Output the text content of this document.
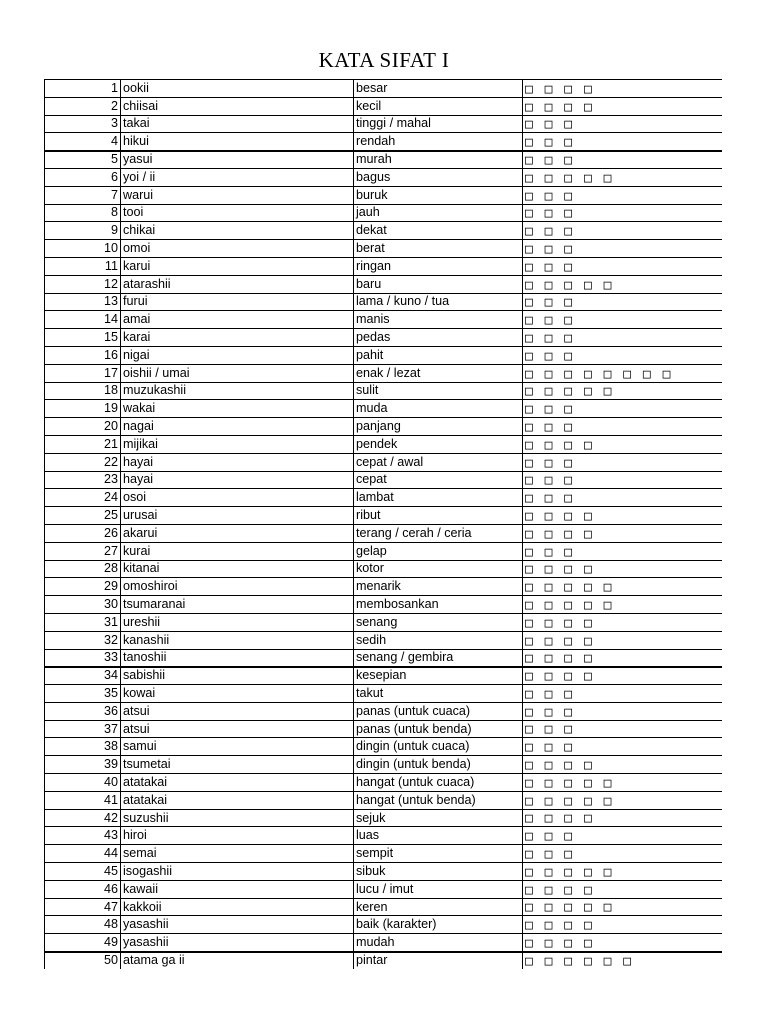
KATA SIFAT I
1	ookii	besar	□ □ □ □
2	chiisai	kecil	□ □ □ □
3	takai	tinggi / mahal	□ □ □
4	hikui	rendah	□ □ □
5	yasui	murah	□ □ □
6	yoi / ii	bagus	□ □ □ □ □
7	warui	buruk	□ □ □
8	tooi	jauh	□ □ □
9	chikai	dekat	□ □ □
10	omoi	berat	□ □ □
11	karui	ringan	□ □ □
12	atarashii	baru	□ □ □ □ □
13	furui	lama / kuno / tua	□ □ □
14	amai	manis	□ □ □
15	karai	pedas	□ □ □
16	nigai	pahit	□ □ □
17	oishii / umai	enak / lezat	□ □ □ □ □ □ □ □
18	muzukashii	sulit	□ □ □ □ □
19	wakai	muda	□ □ □
20	nagai	panjang	□ □ □
21	mijikai	pendek	□ □ □ □
22	hayai	cepat / awal	□ □ □
23	hayai	cepat	□ □ □
24	osoi	lambat	□ □ □
25	urusai	ribut	□ □ □ □
26	akarui	terang / cerah / ceria	□ □ □ □
27	kurai	gelap	□ □ □
28	kitanai	kotor	□ □ □ □
29	omoshiroi	menarik	□ □ □ □ □
30	tsumaranai	membosankan	□ □ □ □ □
31	ureshii	senang	□ □ □ □
32	kanashii	sedih	□ □ □ □
33	tanoshii	senang / gembira	□ □ □ □
34	sabishii	kesepian	□ □ □ □
35	kowai	takut	□ □ □
36	atsui	panas (untuk cuaca)	□ □ □
37	atsui	panas (untuk benda)	□ □ □
38	samui	dingin (untuk cuaca)	□ □ □
39	tsumetai	dingin (untuk benda)	□ □ □ □
40	atatakai	hangat (untuk cuaca)	□ □ □ □ □
41	atatakai	hangat (untuk benda)	□ □ □ □ □
42	suzushii	sejuk	□ □ □ □
43	hiroi	luas	□ □ □
44	semai	sempit	□ □ □
45	isogashii	sibuk	□ □ □ □ □
46	kawaii	lucu / imut	□ □ □ □
47	kakkoii	keren	□ □ □ □ □
48	yasashii	baik (karakter)	□ □ □ □
49	yasashii	mudah	□ □ □ □
50	atama ga ii	pintar	□ □ □ □ □ □
